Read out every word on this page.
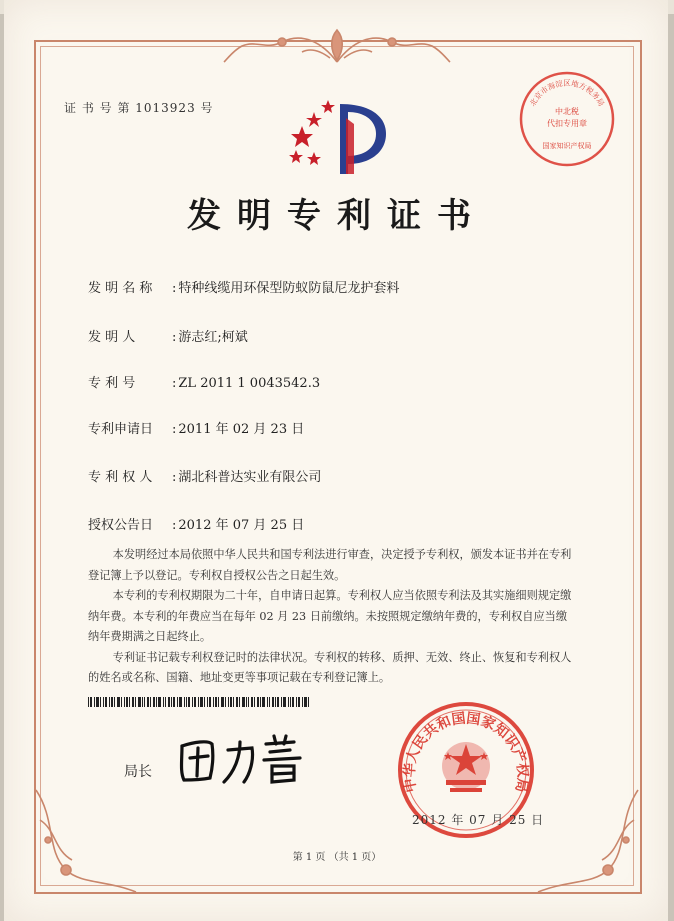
证 书 号 第 1013923 号
发明专利证书
发 明 名 称 : 特种线缆用环保型防蚁防鼠尼龙护套料
发 明 人	: 游志红;柯斌
专 利 号	: ZL 2011 1 0043542.3
专利申请日 : 2011 年 02 月 23 日
专 利 权 人 : 湖北科普达实业有限公司
授权公告日 : 2012 年 07 月 25 日

本发明经过本局依照中华人民共和国专利法进行审查，决定授予专利权，颁发本证书并在专利登记簿上予以登记。专利权自授权公告之日起生效。

本专利的专利权期限为二十年，自申请日起算。专利权人应当依照专利法及其实施细则规定缴纳年费。本专利的年费应当在每年 02 月 23 日前缴纳。未按照规定缴纳年费的，专利权自应当缴纳年费期满之日起终止。

专利证书记载专利权登记时的法律状况。专利权的转移、质押、无效、终止、恢复和专利权人的姓名或名称、国籍、地址变更等事项记载在专利登记簿上。

局长
中华人民共和国国家知识产权局
2012 年 07 月 25 日
北京市海淀区地方税务局
中北税
代扣专用章
国家知识产权局
第 1 页 （共 1 页）
